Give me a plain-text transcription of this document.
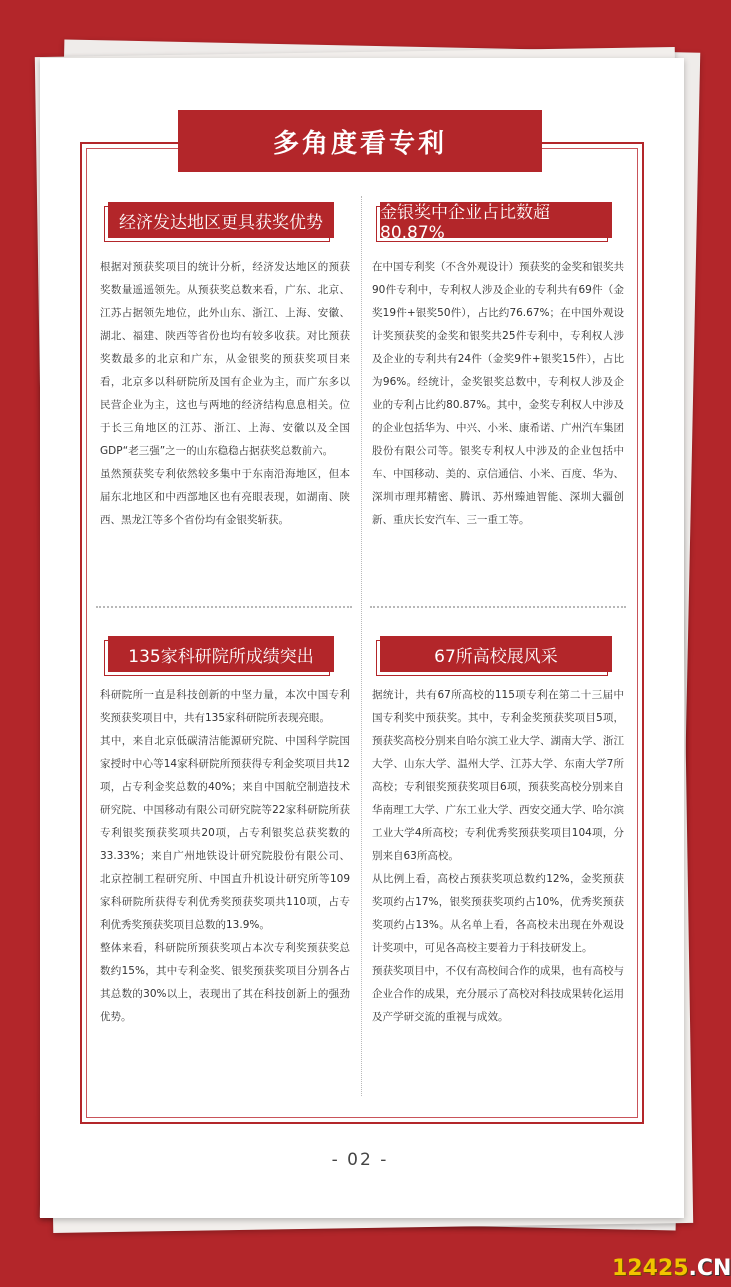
多角度看专利
经济发达地区更具获奖优势

根据对预获奖项目的统计分析，经济发达地区的预获奖数量遥遥领先。从预获奖总数来看，广东、北京、江苏占据领先地位，此外山东、浙江、上海、安徽、湖北、福建、陕西等省份也均有较多收获。对比预获奖数最多的北京和广东，从金银奖的预获奖项目来看，北京多以科研院所及国有企业为主，而广东多以民营企业为主，这也与两地的经济结构息息相关。位于长三角地区的江苏、浙江、上海、安徽以及全国GDP“老三强”之一的山东稳稳占据获奖总数前六。

虽然预获奖专利依然较多集中于东南沿海地区，但本届东北地区和中西部地区也有亮眼表现，如湖南、陕西、黑龙江等多个省份均有金银奖斩获。

金银奖中企业占比数超80.87%

在中国专利奖（不含外观设计）预获奖的金奖和银奖共90件专利中，专利权人涉及企业的专利共有69件（金奖19件+银奖50件），占比约76.67%；在中国外观设计奖预获奖的金奖和银奖共25件专利中，专利权人涉及企业的专利共有24件（金奖9件+银奖15件），占比为96%。经统计，金奖银奖总数中，专利权人涉及企业的专利占比约80.87%。其中，金奖专利权人中涉及的企业包括华为、中兴、小米、康希诺、广州汽车集团股份有限公司等。银奖专利权人中涉及的企业包括中车、中国移动、美的、京信通信、小米、百度、华为、深圳市理邦精密、腾讯、苏州臻迪智能、深圳大疆创新、重庆长安汽车、三一重工等。

135家科研院所成绩突出

科研院所一直是科技创新的中坚力量，本次中国专利奖预获奖项目中，共有135家科研院所表现亮眼。

其中，来自北京低碳清洁能源研究院、中国科学院国家授时中心等14家科研院所预获得专利金奖项目共12项，占专利金奖总数的40%；来自中国航空制造技术研究院、中国移动有限公司研究院等22家科研院所获专利银奖预获奖项共20项，占专利银奖总获奖数的33.33%；来自广州地铁设计研究院股份有限公司、北京控制工程研究所、中国直升机设计研究所等109家科研院所获得专利优秀奖预获奖项共110项，占专利优秀奖预获奖项目总数的13.9%。

整体来看，科研院所预获奖项占本次专利奖预获奖总数约15%，其中专利金奖、银奖预获奖项目分别各占其总数的30%以上，表现出了其在科技创新上的强劲优势。

67所高校展风采

据统计，共有67所高校的115项专利在第二十三届中国专利奖中预获奖。其中，专利金奖预获奖项目5项，预获奖高校分别来自哈尔滨工业大学、湖南大学、浙江大学、山东大学、温州大学、江苏大学、东南大学7所高校；专利银奖预获奖项目6项，预获奖高校分别来自华南理工大学、广东工业大学、西安交通大学、哈尔滨工业大学4所高校；专利优秀奖预获奖项目104项，分别来自63所高校。

从比例上看，高校占预获奖项总数约12%，金奖预获奖项约占17%，银奖预获奖项约占10%，优秀奖预获奖项约占13%。从名单上看，各高校未出现在外观设计奖项中，可见各高校主要着力于科技研发上。

预获奖项目中，不仅有高校间合作的成果，也有高校与企业合作的成果，充分展示了高校对科技成果转化运用及产学研交流的重视与成效。

- 02 -
12425 .CN
